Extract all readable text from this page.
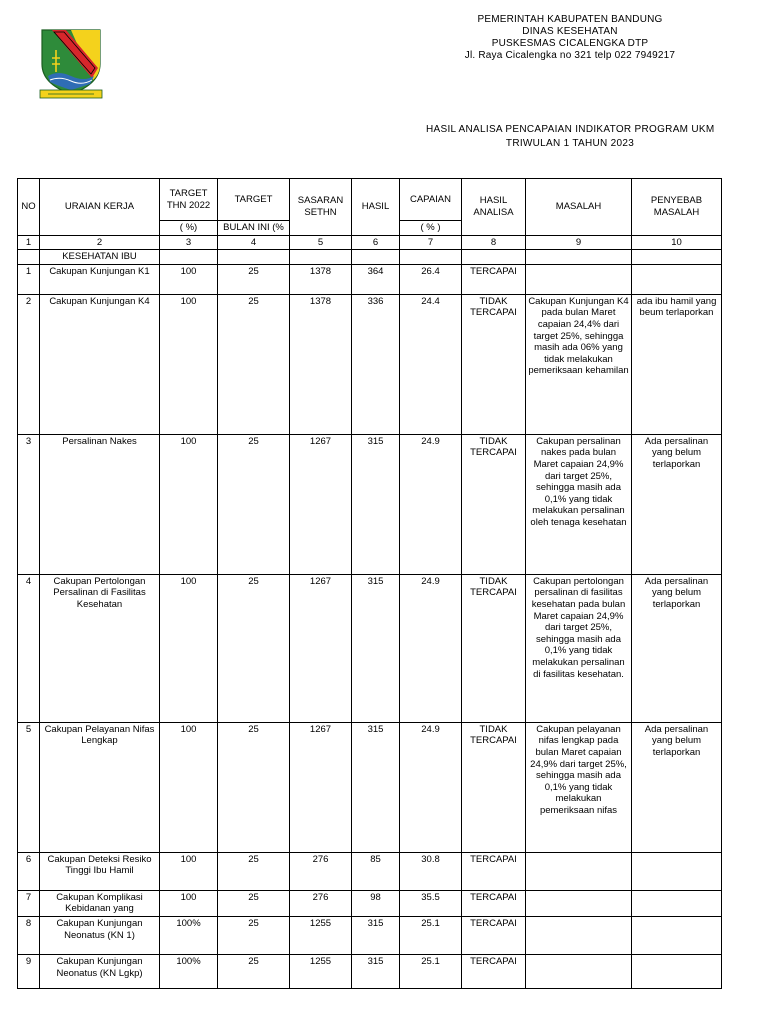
PEMERINTAH KABUPATEN BANDUNG
DINAS KESEHATAN
PUSKESMAS CICALENGKA DTP
Jl. Raya Cicalengka no 321 telp 022 7949217
HASIL ANALISA PENCAPAIAN INDIKATOR PROGRAM UKM
TRIWULAN 1 TAHUN 2023
NO	URAIAN KERJA	TARGET THN 2022	TARGET	SASARAN SETHN	HASIL	CAPAIAN	HASIL ANALISA	MASALAH	PENYEBAB MASALAH
		( %)	BULAN INI (%			( % )			
1	2	3	4	5	6	7	8	9	10
	KESEHATAN IBU								
1	Cakupan Kunjungan K1	100	25	1378	364	26.4	TERCAPAI		
2	Cakupan Kunjungan K4	100	25	1378	336	24.4	TIDAK TERCAPAI	Cakupan Kunjungan K4 pada bulan Maret capaian 24,4% dari target 25%, sehingga masih ada 06% yang tidak melakukan pemeriksaan kehamilan	ada ibu hamil yang beum terlaporkan
3	Persalinan Nakes	100	25	1267	315	24.9	TIDAK TERCAPAI	Cakupan persalinan nakes pada bulan Maret capaian 24,9% dari target 25%, sehingga masih ada 0,1% yang tidak melakukan persalinan oleh tenaga kesehatan	Ada persalinan yang belum terlaporkan
4	Cakupan Pertolongan Persalinan di Fasilitas Kesehatan	100	25	1267	315	24.9	TIDAK TERCAPAI	Cakupan pertolongan persalinan di fasilitas kesehatan pada bulan Maret capaian 24,9% dari target 25%, sehingga masih ada 0,1% yang tidak melakukan persalinan di fasilitas kesehatan.	Ada persalinan yang belum terlaporkan
5	Cakupan Pelayanan Nifas Lengkap	100	25	1267	315	24.9	TIDAK TERCAPAI	Cakupan pelayanan nifas lengkap pada bulan Maret capaian 24,9% dari target 25%, sehingga masih ada 0,1% yang tidak melakukan pemeriksaan nifas	Ada persalinan yang belum terlaporkan
6	Cakupan Deteksi Resiko Tinggi Ibu Hamil	100	25	276	85	30.8	TERCAPAI		
7	Cakupan Komplikasi Kebidanan yang	100	25	276	98	35.5	TERCAPAI		
8	Cakupan Kunjungan Neonatus (KN 1)	100%	25	1255	315	25.1	TERCAPAI		
9	Cakupan Kunjungan Neonatus (KN Lgkp)	100%	25	1255	315	25.1	TERCAPAI		
